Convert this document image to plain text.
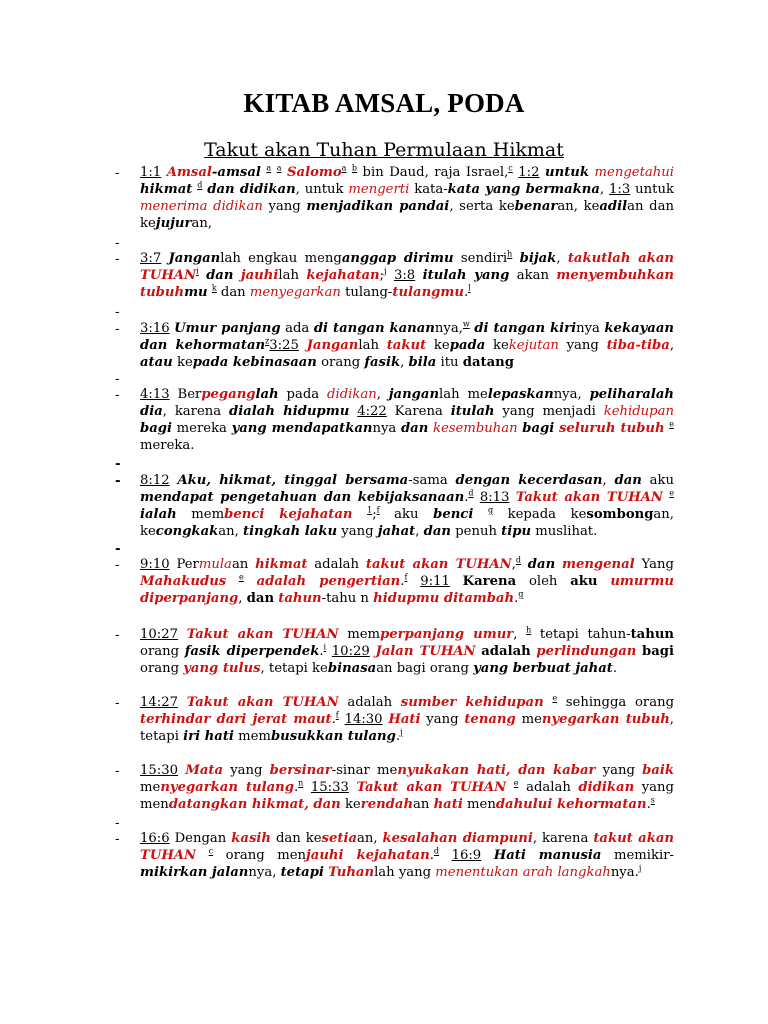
KITAB AMSAL, PODA
Takut akan Tuhan Permulaan Hikmat
-
-
-
-
-
-
-
-
-
-
-
-
-
-
-
-
1:1 Amsal-amsal $^a$ $^a$ Salomo$^a$ $^b$ bin Daud, raja Israel,$^c$ 1:2 untuk mengetahui hikmat $^d$ dan didikan, untuk mengerti kata-kata yang bermakna, 1:3 untuk menerima didikan yang menjadikan pandai, serta kebenaran, keadilan dan kejujuran,
3:7 Janganlah engkau menganggap dirimu sendiri$^h$ bijak, takutlah akan TUHAN$^i$ dan jauhilah kejahatan;$^j$ 3:8 itulah yang akan menyembuhkan tubuhmu $^k$ dan menyegarkan tulang-tulangmu.$^l$
3:16 Umur panjang ada di tangan kanannya,$^w$ di tangan kirinya kekayaan dan kehormatan$^z$3:25 Janganlah takut kepada kekejutan yang tiba-tiba, atau kepada kebinasaan orang fasik, bila itu datang
4:13 Berpeganglah pada didikan, janganlah melepaskannya, peliharalah dia, karena dialah hidupmu 4:22 Karena itulah yang menjadi kehidupan bagi mereka yang mendapatkannya dan kesembuhan bagi seluruh tubuh $^e$ mereka.
8:12 Aku, hikmat, tinggal bersama-sama dengan kecerdasan, dan aku mendapat pengetahuan dan kebijaksanaan.$^d$ 8:13 Takut akan TUHAN $^e$ ialah membenci kejahatan $^1$;$^f$ aku benci $^g$ kepada kesombongan, kecongkakan, tingkah laku yang jahat, dan penuh tipu muslihat.
9:10 Permulaan hikmat adalah takut akan TUHAN,$^d$ dan mengenal Yang Mahakudus $^e$ adalah pengertian.$^f$ 9:11 Karena oleh aku umurmu diperpanjang, dan tahun-tahu n hidupmu ditambah.$^g$
10:27 Takut akan TUHAN memperpanjang umur, $^h$ tetapi tahun-tahun orang fasik diperpendek.$^i$ 10:29 Jalan TUHAN adalah perlindungan bagi orang yang tulus, tetapi kebinasaan bagi orang yang berbuat jahat.
14:27 Takut akan TUHAN adalah sumber kehidupan $^e$ sehingga orang terhindar dari jerat maut.$^f$ 14:30 Hati yang tenang menyegarkan tubuh, tetapi iri hati membusukkan tulang.$^j$
15:30 Mata yang bersinar-sinar menyukakan hati, dan kabar yang baik menyegarkan tulang.$^n$ 15:33 Takut akan TUHAN $^e$ adalah didikan yang mendatangkan hikmat, dan kerendahan hati mendahului kehormatan.$^s$
16:6 Dengan kasih dan kesetiaan, kesalahan diampuni, karena takut akan TUHAN $^c$ orang menjauhi kejahatan.$^d$ 16:9 Hati manusia memikir-mikirkan jalannya, tetapi Tuhanlah yang menentukan arah langkahnya.$^j$
